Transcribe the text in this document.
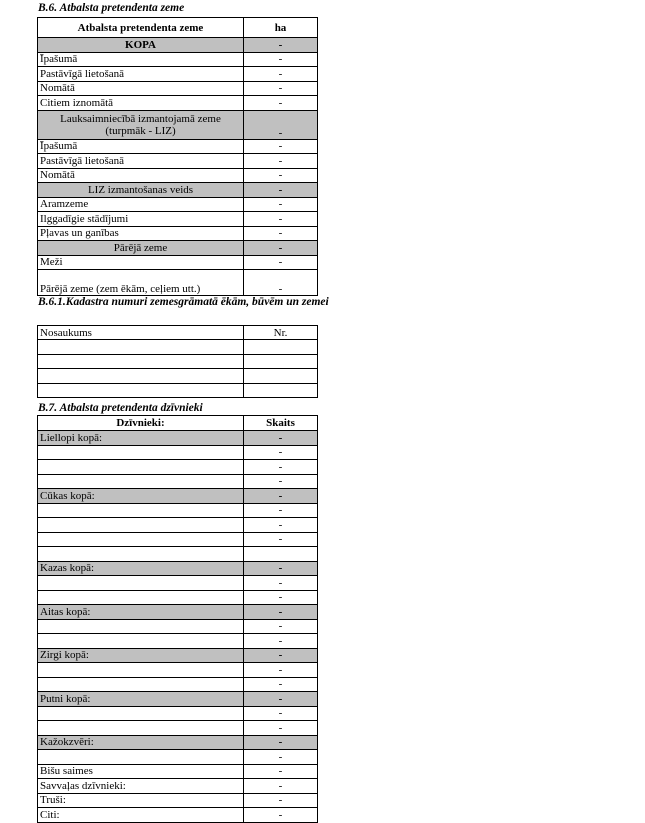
B.6. Atbalsta pretendenta zeme
Atbalsta pretendenta zeme	ha
KOPA	-
Īpašumā	-
Pastāvīgā lietošanā	-
Nomātā	-
Citiem iznomātā	-
Lauksaimniecībā izmantojamā zeme (turpmāk - LIZ)	-
Īpašumā	-
Pastāvīgā lietošanā	-
Nomātā	-
LIZ izmantošanas veids	-
Aramzeme	-
Ilggadīgie stādījumi	-
Pļavas un ganības	-
Pārējā zeme	-
Meži	-
Pārējā zeme (zem ēkām, ceļiem utt.)	-
B.6.1.Kadastra numuri zemesgrāmatā ēkām, būvēm un zemei
Nosaukums	Nr.

B.7. Atbalsta pretendenta dzīvnieki
Dzīvnieki:	Skaits
Liellopi kopā:	-
	-
	-
	-
Cūkas kopā:	-
	-
	-
	-

Kazas kopā:	-
	-
	-
Aitas kopā:	-
	-
	-
Zirgi kopā:	-
	-
	-
Putni kopā:	-
	-
	-
Kažokzvēri:	-
	-
Bišu saimes	-
Savvaļas dzīvnieki:	-
Truši:	-
Citi:	-
